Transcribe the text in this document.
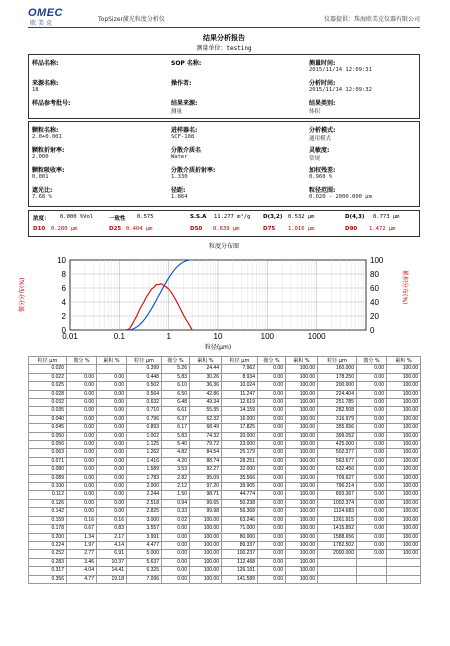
OMEC
欧美克
TopSizer激光粒度分析仪	仪器提供：珠海欧美克仪器有限公司
结果分析报告
测量单位：testing
样品名称:	SOP 名称:	测量时间:
2015/11/14 12:09:31
来源名称:
18
操作者:	分析时间:
2015/11/14 12:09:32
样品参考批号:	结果来源:
测量
结果类别:
体积
颗粒名称:
2.0+0.001
进样器名:
SCF-108
分析模式:
通用模式
颗粒折射率:
2.000
分散介质名
Water
灵敏度:
常规
颗粒吸收率:
0.001
分散介质折射率:
1.330
加权残差:
0.960 %
遮光比:
7.68 %
径距:
1.864
粒径范围:
0.020 - 2000.000 μm
浓度： 0.000 %Vol	一致性 0.575	S.S.A 11.277 m²/g D(3,2) 0.532 μm	D(4,3) 0.773 μm
D10 0.280 μm	D25 0.404 μm	D50 0.639 μm	D75 1.016 μm	D90 1.472 μm
粒度分布图
微分分布(%)	累积分布(%)
0.01	0.1	1	10	100	1000
0
2
4
6
8
10
0
20
40
60
80
100
粒径(μm)
粒径 μm	微分 %	累积 %	粒径 μm	微分 %	累积 %	粒径 μm	微分 %	累积 %	粒径 μm	微分 %	累积 %
0.020			0.399	5.26	24.44	7.962	0.00	100.00	160.000	0.00	100.00
0.022	0.00	0.00	0.448	5.83	30.26	8.934	0.00	100.00	178.250	0.00	100.00
0.025	0.00	0.00	0.502	6.10	36.36	10.024	0.00	100.00	200.000	0.00	100.00
0.028	0.00	0.00	0.564	6.50	42.86	11.247	0.00	100.00	224.404	0.00	100.00
0.032	0.00	0.00	0.632	6.48	49.34	12.619	0.00	100.00	251.785	0.00	100.00
0.035	0.00	0.00	0.710	6.61	55.95	14.159	0.00	100.00	282.508	0.00	100.00
0.040	0.00	0.00	0.796	6.37	62.32	16.000	0.00	100.00	316.979	0.00	100.00
0.045	0.00	0.00	0.893	6.17	68.49	17.825	0.00	100.00	355.656	0.00	100.00
0.050	0.00	0.00	1.002	5.83	74.32	20.000	0.00	100.00	399.052	0.00	100.00
0.056	0.00	0.00	1.125	5.40	79.72	23.000	0.00	100.00	425.000	0.00	100.00
0.063	0.00	0.00	1.262	4.82	84.54	25.179	0.00	100.00	502.377	0.00	100.00
0.071	0.00	0.00	1.416	4.20	88.74	28.251	0.00	100.00	563.677	0.00	100.00
0.080	0.00	0.00	1.589	3.53	92.27	32.000	0.00	100.00	632.456	0.00	100.00
0.089	0.00	0.00	1.783	2.82	95.09	35.566	0.00	100.00	709.627	0.00	100.00
0.100	0.00	0.00	2.000	2.12	97.20	39.905	0.00	100.00	796.214	0.00	100.00
0.112	0.00	0.00	2.244	1.50	98.71	44.774	0.00	100.00	893.367	0.00	100.00
0.126	0.00	0.00	2.518	0.94	99.65	50.238	0.00	100.00	1002.374	0.00	100.00
0.142	0.00	0.00	2.825	0.33	99.98	56.368	0.00	100.00	1124.683	0.00	100.00
0.159	0.16	0.16	3.000	0.02	100.00	63.246	0.00	100.00	1261.915	0.00	100.00
0.178	0.67	0.83	3.557	0.00	100.00	71.000	0.00	100.00	1415.892	0.00	100.00
0.200	1.34	2.17	3.991	0.00	100.00	80.000	0.00	100.00	1588.656	0.00	100.00
0.224	1.97	4.14	4.477	0.00	100.00	89.337	0.00	100.00	1782.502	0.00	100.00
0.252	2.77	6.91	5.000	0.00	100.00	100.237	0.00	100.00	2000.000	0.00	100.00
0.283	3.46	10.37	5.637	0.00	100.00	112.468	0.00	100.00			
0.317	4.04	14.41	6.325	0.00	100.00	126.191	0.00	100.00			
0.356	4.77	19.18	7.096	0.00	100.00	141.589	0.00	100.00			
